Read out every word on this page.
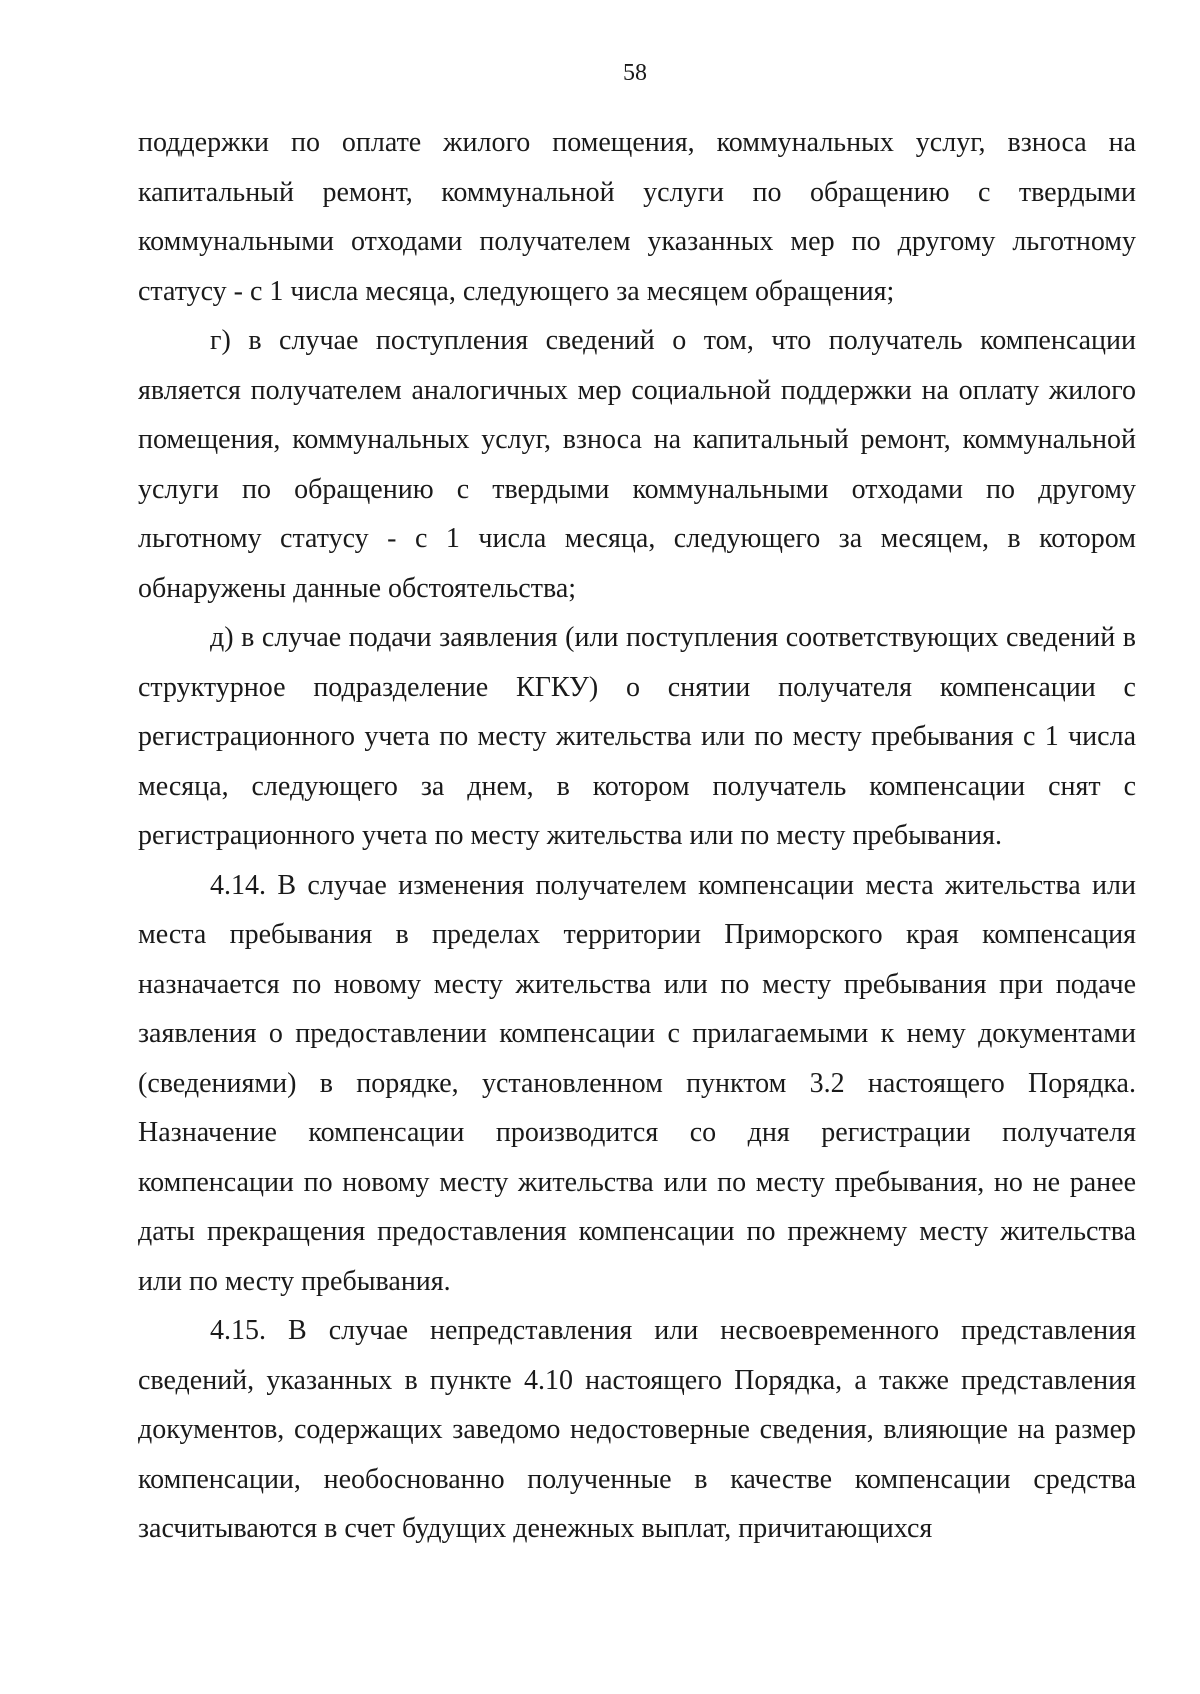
58

поддержки по оплате жилого помещения, коммунальных услуг, взноса на капитальный ремонт, коммунальной услуги по обращению с твердыми коммунальными отходами получателем указанных мер по другому льготному статусу - с 1 числа месяца, следующего за месяцем обращения;

г) в случае поступления сведений о том, что получатель компенсации является получателем аналогичных мер социальной поддержки на оплату жилого помещения, коммунальных услуг, взноса на капитальный ремонт, коммунальной услуги по обращению с твердыми коммунальными отходами по другому льготному статусу - с 1 числа месяца, следующего за месяцем, в котором обнаружены данные обстоятельства;

д) в случае подачи заявления (или поступления соответствующих сведений в структурное подразделение КГКУ) о снятии получателя компенсации с регистрационного учета по месту жительства или по месту пребывания с 1 числа месяца, следующего за днем, в котором получатель компенсации снят с регистрационного учета по месту жительства или по месту пребывания.

4.14. В случае изменения получателем компенсации места жительства или места пребывания в пределах территории Приморского края компенсация назначается по новому месту жительства или по месту пребывания при подаче заявления о предоставлении компенсации с прилагаемыми к нему документами (сведениями) в порядке, установленном пунктом 3.2 настоящего Порядка. Назначение компенсации производится со дня регистрации получателя компенсации по новому месту жительства или по месту пребывания, но не ранее даты прекращения предоставления компенсации по прежнему месту жительства или по месту пребывания.

4.15. В случае непредставления или несвоевременного представления сведений, указанных в пункте 4.10 настоящего Порядка, а также представления документов, содержащих заведомо недостоверные сведения, влияющие на размер компенсации, необоснованно полученные в качестве компенсации средства засчитываются в счет будущих денежных выплат, причитающихся
